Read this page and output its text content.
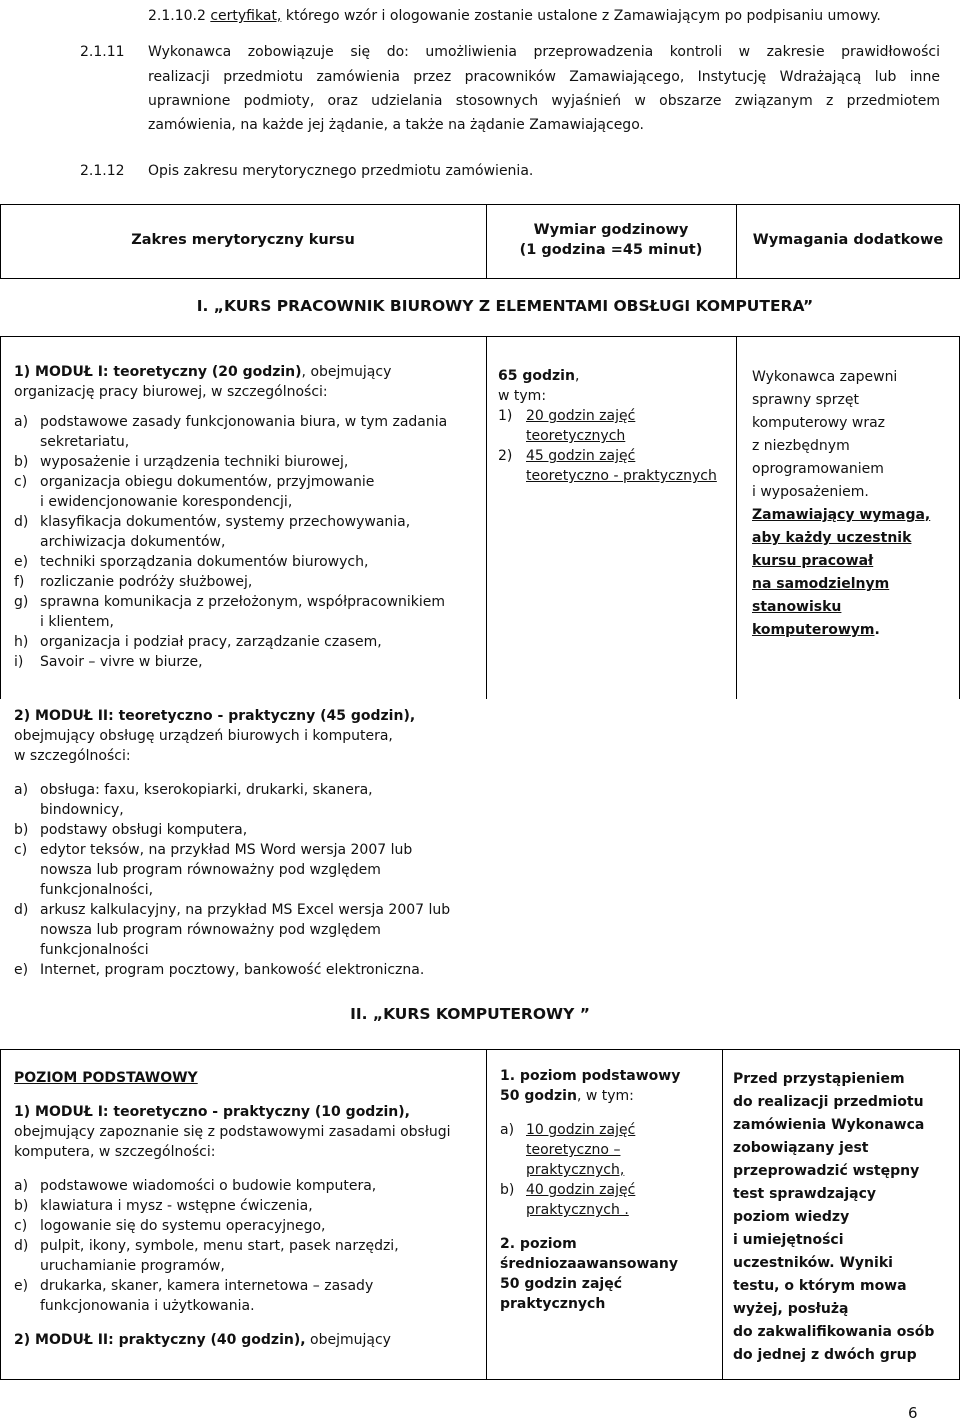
2.1.10.2 certyfikat, którego wzór i ologowanie zostanie ustalone z Zamawiającym po podpisaniu umowy.
2.1.11 Wykonawca zobowiązuje się do: umożliwienia przeprowadzenia kontroli w zakresie prawidłowości
realizacji przedmiotu zamówienia przez pracowników Zamawiającego, Instytucję Wdrażającą lub inne
uprawnione podmioty, oraz udzielania stosownych wyjaśnień w obszarze związanym z przedmiotem
zamówienia, na każde jej żądanie, a także na żądanie Zamawiającego.
2.1.12 Opis zakresu merytorycznego przedmiotu zamówienia.
Zakres merytoryczny kursu
Wymiar godzinowy
(1 godzina =45 minut)
Wymagania dodatkowe
I. „KURS PRACOWNIK BIUROWY Z ELEMENTAMI OBSŁUGI KOMPUTERA”
1) MODUŁ I: teoretyczny (20 godzin), obejmujący
organizację pracy biurowej, w szczególności:
a) podstawowe zasady funkcjonowania biura, w tym zadania
sekretariatu,
b) wyposażenie i urządzenia techniki biurowej,
c) organizacja obiegu dokumentów, przyjmowanie
i ewidencjonowanie korespondencji,
d) klasyfikacja dokumentów, systemy przechowywania,
archiwizacja dokumentów,
e) techniki sporządzania dokumentów biurowych,
f) rozliczanie podróży służbowej,
g) sprawna komunikacja z przełożonym, współpracownikiem
i klientem,
h) organizacja i podział pracy, zarządzanie czasem,
i) Savoir – vivre w biurze,
2) MODUŁ II: teoretyczno - praktyczny (45 godzin),
obejmujący obsługę urządzeń biurowych i komputera,
w szczególności:
a) obsługa: faxu, kserokopiarki, drukarki, skanera,
bindownicy,
b) podstawy obsługi komputera,
c) edytor teksów, na przykład MS Word wersja 2007 lub
nowsza lub program równoważny pod względem
funkcjonalności,
d) arkusz kalkulacyjny, na przykład MS Excel wersja 2007 lub
nowsza lub program równoważny pod względem
funkcjonalności
e) Internet, program pocztowy, bankowość elektroniczna.
65 godzin,
w tym:
1) 20 godzin zajęć
teoretycznych
2) 45 godzin zajęć
teoretyczno - praktycznych
Wykonawca zapewni
sprawny sprzęt
komputerowy wraz
z niezbędnym
oprogramowaniem
i wyposażeniem.
Zamawiający wymaga,
aby każdy uczestnik
kursu pracował
na samodzielnym
stanowisku
komputerowym.
II. „KURS KOMPUTEROWY ”
POZIOM PODSTAWOWY
1) MODUŁ I: teoretyczno - praktyczny (10 godzin),
obejmujący zapoznanie się z podstawowymi zasadami obsługi
komputera, w szczególności:
a) podstawowe wiadomości o budowie komputera,
b) klawiatura i mysz - wstępne ćwiczenia,
c) logowanie się do systemu operacyjnego,
d) pulpit, ikony, symbole, menu start, pasek narzędzi,
uruchamianie programów,
e) drukarka, skaner, kamera internetowa – zasady
funkcjonowania i użytkowania.
2) MODUŁ II: praktyczny (40 godzin), obejmujący
1. poziom podstawowy
50 godzin, w tym:
a) 10 godzin zajęć
teoretyczno –
praktycznych,
b) 40 godzin zajęć
praktycznych .
2. poziom
średniozaawansowany
50 godzin zajęć
praktycznych
Przed przystąpieniem
do realizacji przedmiotu
zamówienia Wykonawca
zobowiązany jest
przeprowadzić wstępny
test sprawdzający
poziom wiedzy
i umiejętności
uczestników. Wyniki
testu, o którym mowa
wyżej, posłużą
do zakwalifikowania osób
do jednej z dwóch grup
6
